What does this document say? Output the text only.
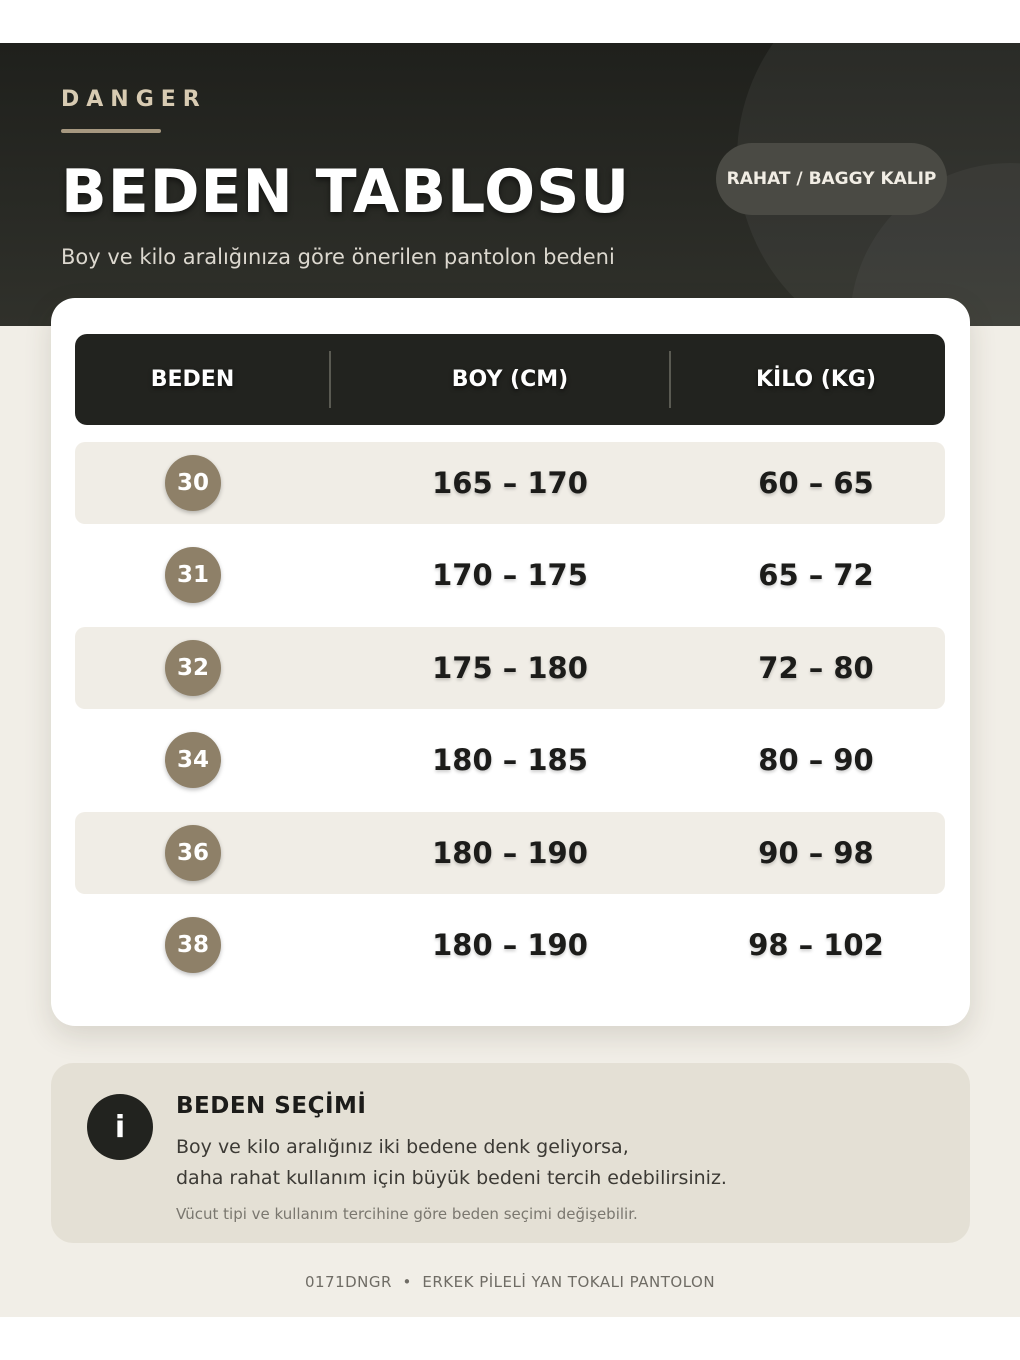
DANGER
BEDEN TABLOSU
Boy ve kilo aralığınıza göre önerilen pantolon bedeni
RAHAT / BAGGY KALIP
BEDEN	BOY (CM)	KİLO (KG)
30	165 – 170	60 – 65
31	170 – 175	65 – 72
32	175 – 180	72 – 80
34	180 – 185	80 – 90
36	180 – 190	90 – 98
38	180 – 190	98 – 102
i
BEDEN SEÇİMİ
Boy ve kilo aralığınız iki bedene denk geliyorsa,
daha rahat kullanım için büyük bedeni tercih edebilirsiniz.
Vücut tipi ve kullanım tercihine göre beden seçimi değişebilir.
0171DNGR • ERKEK PİLELİ YAN TOKALI PANTOLON
